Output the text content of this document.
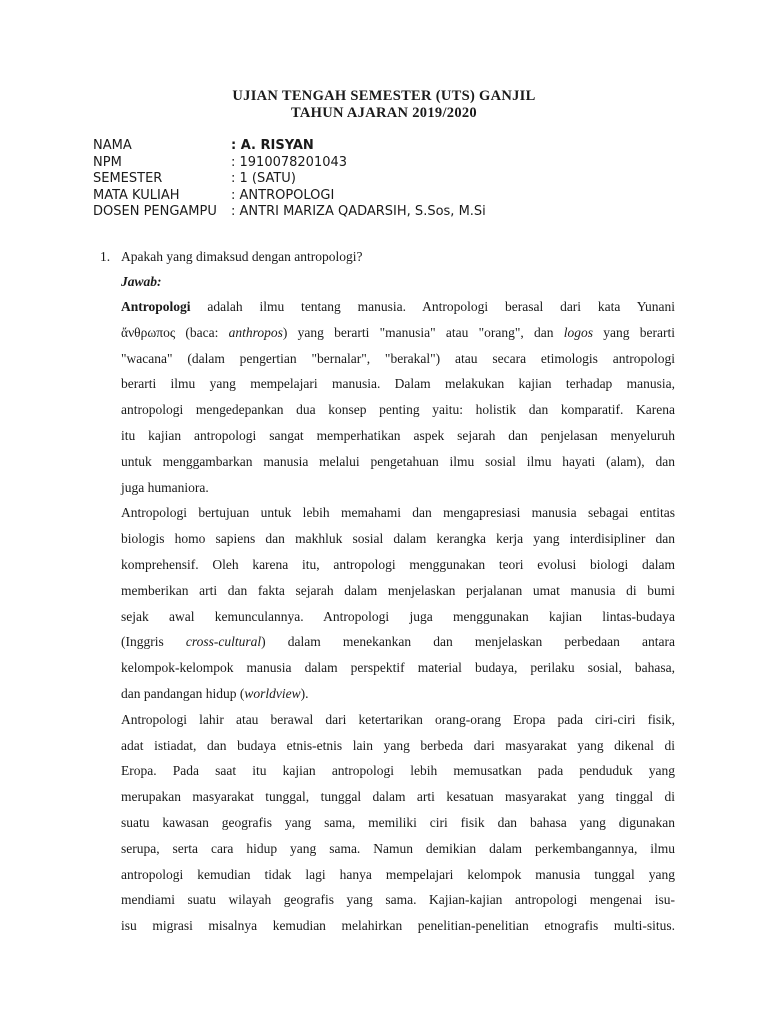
UJIAN TENGAH SEMESTER (UTS) GANJIL
TAHUN AJARAN 2019/2020
NAMA	: A. RISYAN
NPM	: 1910078201043
SEMESTER	: 1 (SATU)
MATA KULIAH	: ANTROPOLOGI
DOSEN PENGAMPU	: ANTRI MARIZA QADARSIH, S.Sos, M.Si
1. Apakah yang dimaksud dengan antropologi?
Jawab:

Antropologi adalah ilmu tentang manusia. Antropologi berasal dari kata Yunani
ἄνθρωπος (baca: anthropos) yang berarti "manusia" atau "orang", dan logos yang berarti
"wacana" (dalam pengertian "bernalar", "berakal") atau secara etimologis antropologi
berarti ilmu yang mempelajari manusia. Dalam melakukan kajian terhadap manusia,
antropologi mengedepankan dua konsep penting yaitu: holistik dan komparatif. Karena
itu kajian antropologi sangat memperhatikan aspek sejarah dan penjelasan menyeluruh
untuk menggambarkan manusia melalui pengetahuan ilmu sosial ilmu hayati (alam), dan
juga humaniora.

Antropologi bertujuan untuk lebih memahami dan mengapresiasi manusia sebagai entitas
biologis homo sapiens dan makhluk sosial dalam kerangka kerja yang interdisipliner dan
komprehensif. Oleh karena itu, antropologi menggunakan teori evolusi biologi dalam
memberikan arti dan fakta sejarah dalam menjelaskan perjalanan umat manusia di bumi
sejak awal kemunculannya. Antropologi juga menggunakan kajian lintas-budaya
(Inggris cross-cultural) dalam menekankan dan menjelaskan perbedaan antara
kelompok-kelompok manusia dalam perspektif material budaya, perilaku sosial, bahasa,
dan pandangan hidup (worldview).

Antropologi lahir atau berawal dari ketertarikan orang-orang Eropa pada ciri-ciri fisik,
adat istiadat, dan budaya etnis-etnis lain yang berbeda dari masyarakat yang dikenal di
Eropa. Pada saat itu kajian antropologi lebih memusatkan pada penduduk yang
merupakan masyarakat tunggal, tunggal dalam arti kesatuan masyarakat yang tinggal di
suatu kawasan geografis yang sama, memiliki ciri fisik dan bahasa yang digunakan
serupa, serta cara hidup yang sama. Namun demikian dalam perkembangannya, ilmu
antropologi kemudian tidak lagi hanya mempelajari kelompok manusia tunggal yang
mendiami suatu wilayah geografis yang sama. Kajian-kajian antropologi mengenai isu-
isu migrasi misalnya kemudian melahirkan penelitian-penelitian etnografis multi-situs.
